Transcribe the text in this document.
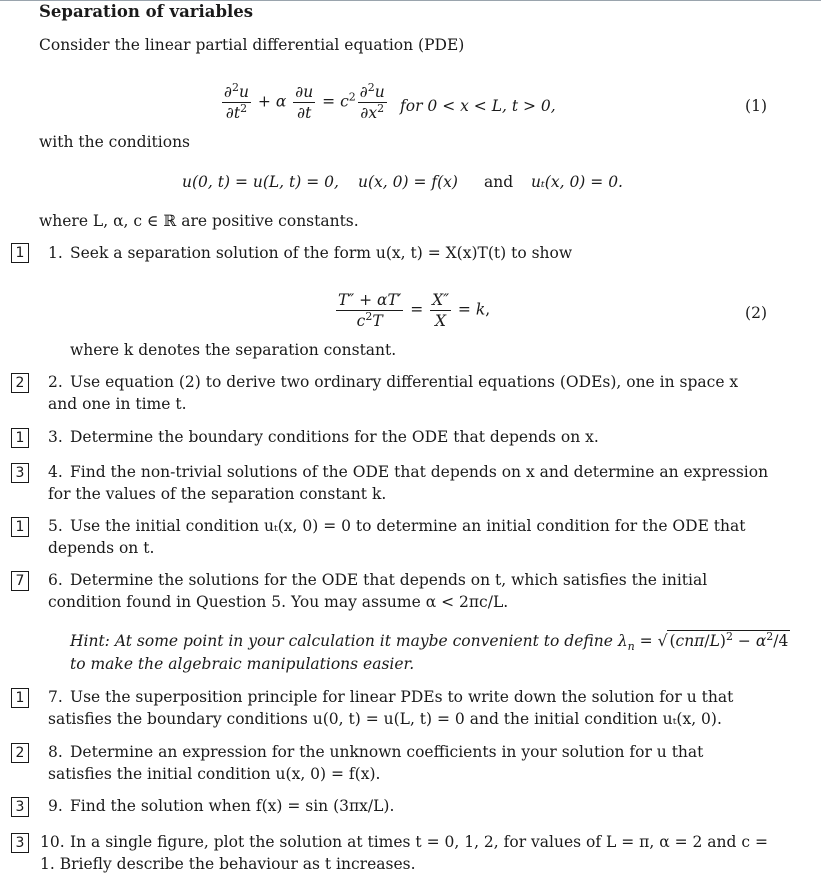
Separation of variables
Consider the linear partial differential equation (PDE)
$\frac{\partial^2u}{\partial t^2} + \alpha \frac{\partial u}{\partial t} = c^2 \frac{\partial^2u}{\partial x^2}$ for 0 < x < L, t > 0,	(1)
with the conditions
u(0, t) = u(L, t) = 0, u(x, 0) = f(x) and uₜ(x, 0) = 0.
where L, α, c ∈ ℝ are positive constants.
1 1. Seek a separation solution of the form u(x, t) = X(x)T(t) to show
$\frac{T'' + \alpha T'}{c^2T} = \frac{X''}{X} = k$,	(2)
where k denotes the separation constant.
2 2. Use equation (2) to derive two ordinary differential equations (ODEs), one in space x and one in time t.
1 3. Determine the boundary conditions for the ODE that depends on x.
3 4. Find the non-trivial solutions of the ODE that depends on x and determine an expression for the values of the separation constant k.
1 5. Use the initial condition uₜ(x, 0) = 0 to determine an initial condition for the ODE that depends on t.
7 6. Determine the solutions for the ODE that depends on t, which satisfies the initial condition found in Question 5. You may assume α < 2πc/L.
Hint: At some point in your calculation it maybe convenient to define $\lambda_n$ = √ $(cn\pi/L)^2 - \alpha^2/4$
to make the algebraic manipulations easier.
1 7. Use the superposition principle for linear PDEs to write down the solution for u that satisfies the boundary conditions u(0, t) = u(L, t) = 0 and the initial condition uₜ(x, 0).
2 8. Determine an expression for the unknown coefficients in your solution for u that satisfies the initial condition u(x, 0) = f(x).
3 9. Find the solution when f(x) = sin (3πx/L).
3 10. In a single figure, plot the solution at times t = 0, 1, 2, for values of L = π, α = 2 and c = 1. Briefly describe the behaviour as t increases.
